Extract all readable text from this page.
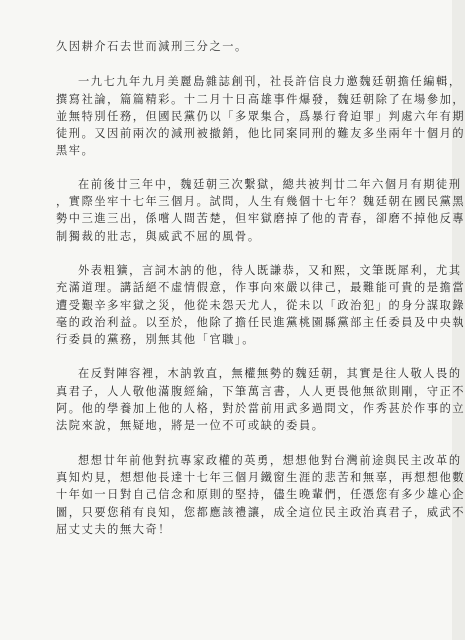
久因耕介石去世而減刑三分之一。

一九七九年九月美麗島雜誌創刊，社長許信良力邀魏廷朝擔任編輯，
撰寫社論，篇篇精彩。十二月十日高雄事件爆發，魏廷朝除了在場參加，
並無特別任務，但國民黨仍以「多眾集合，爲暴行脅迫罪」判處六年有期
徒刑。又因前兩次的減刑被撤銷，他比同案同刑的難友多坐兩年十個月的
黑牢。

在前後廿三年中，魏廷朝三次繫獄，總共被判廿二年六個月有期徒刑
，實際坐牢十七年三個月。試問，人生有幾個十七年？魏廷朝在國民黨黑
勢中三進三出，係嚐人間苦楚，但牢獄磨掉了他的青春，卻磨不掉他反專
制獨裁的壯志，與威武不屈的風骨。

外表粗獷，言詞木訥的他，待人既謙恭，又和熙，文筆既犀利，尤其
充滿道理。講話絕不虛情假意，作事向來嚴以律己，最難能可貴的是擔當
遭受艱辛多牢獄之災，他從未怨天尤人，從未以「政治犯」的身分謀取錄
毫的政治利益。以至於，他除了擔任民進黨桃園縣黨部主任委員及中央執
行委員的黨務，別無其他「官職」。

在反對陣容裡，木訥敦直，無權無勢的魏廷朝，其實是往人敬人畏的
真君子，人人敬他滿腹經綸，下筆萬言書，人人更畏他無欲則剛，守正不
阿。他的學養加上他的人格，對於當前用武多過問文，作秀甚於作事的立
法院來說，無疑地，將是一位不可或缺的委員。

想想廿年前他對抗專家政權的英勇，想想他對台灣前途與民主改革的
真知灼見，想想他長達十七年三個月鐵窗生涯的悲苦和無辜，再想想他數
十年如一日對自己信念和原則的堅持，儘生晚輩們，任憑您有多少雄心企
圖，只要您稍有良知，您都應該禮讓，成全這位民主政治真君子，威武不
屈丈丈夫的無大奇！
